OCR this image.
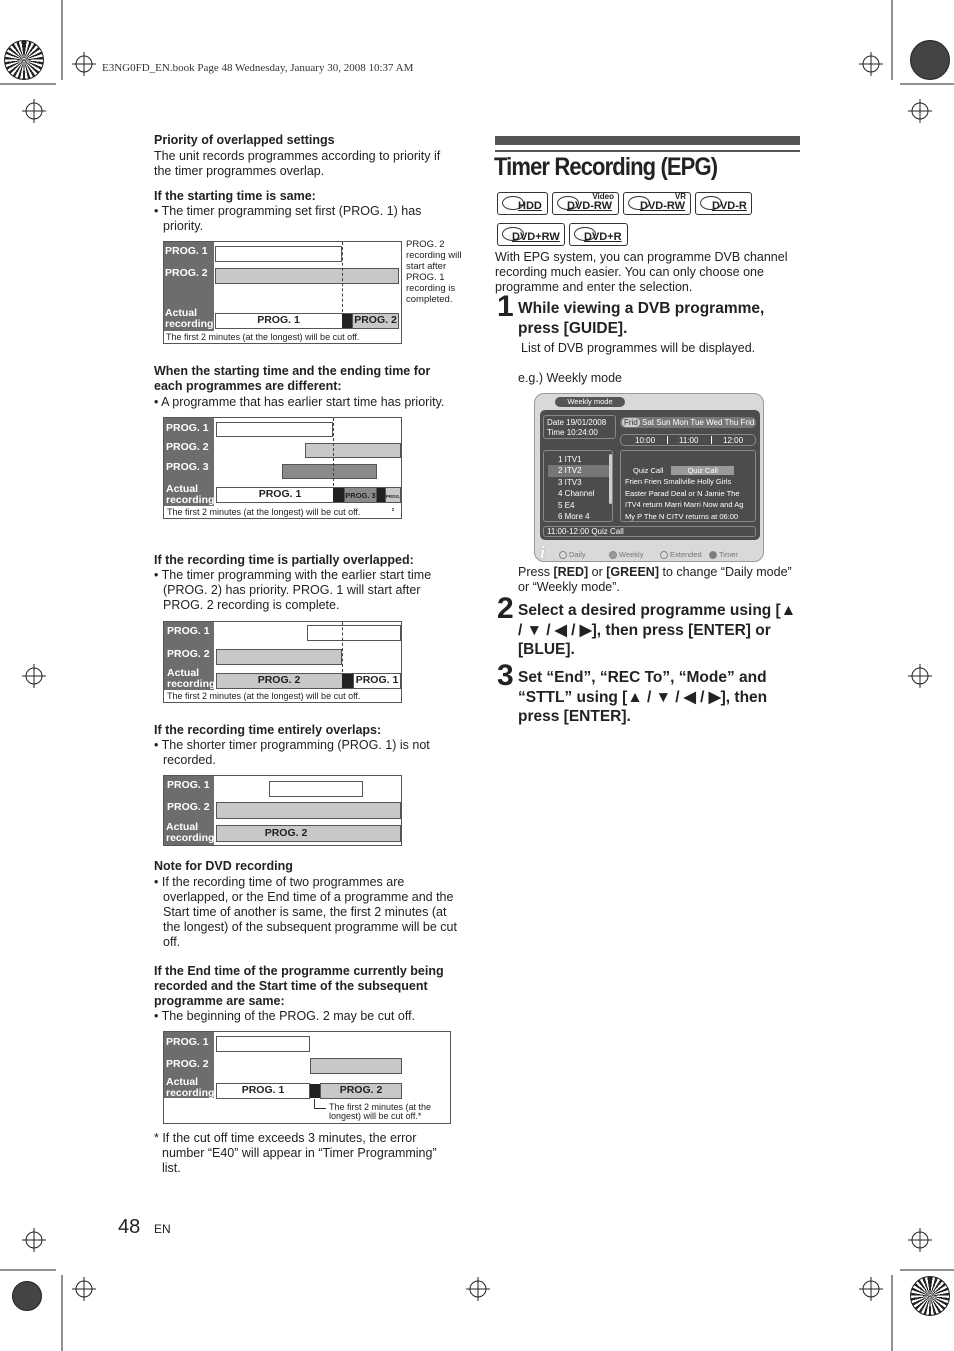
E3NG0FD_EN.book Page 48 Wednesday, January 30, 2008 10:37 AM
Priority of overlapped settings
The unit records programmes according to priority if the timer programmes overlap.
If the starting time is same:
• The timer programming set first (PROG. 1) has priority.
PROG. 1
PROG. 2
Actual recording	PROG. 1	PROG. 2
The first 2 minutes (at the longest) will be cut off.
PROG. 2 recording will start after PROG. 1 recording is completed.
When the starting time and the ending time for each programmes are different:
• A programme that has earlier start time has priority.
PROG. 1
PROG. 2
PROG. 3
Actual recording	PROG. 1	PROG. 3 PROG. 2
The first 2 minutes (at the longest) will be cut off.
If the recording time is partially overlapped:
• The timer programming with the earlier start time (PROG. 2) has priority. PROG. 1 will start after PROG. 2 recording is complete.
PROG. 1
PROG. 2
Actual recording	PROG. 2	PROG. 1
The first 2 minutes (at the longest) will be cut off.
If the recording time entirely overlaps:
• The shorter timer programming (PROG. 1) is not recorded.
PROG. 1
PROG. 2
Actual recording	PROG. 2
Note for DVD recording
• If the recording time of two programmes are overlapped, or the End time of a programme and the Start time of another is same, the first 2 minutes (at the longest) of the subsequent programme will be cut off.
If the End time of the programme currently being recorded and the Start time of the subsequent programme are same:
• The beginning of the PROG. 2 may be cut off.
PROG. 1
PROG. 2
Actual recording	PROG. 1	PROG. 2
The first 2 minutes (at the longest) will be cut off.*
* If the cut off time exceeds 3 minutes, the error number “E40” will appear in “Timer Programming” list.
Timer Recording (EPG)
HDD
Video
DVD-RW
VR
DVD-RW DVD-R
DVD+RW DVD+R
With EPG system, you can programme DVB channel recording much easier. You can only choose one programme and enter the selection.
1 While viewing a DVB programme, press [GUIDE].
List of DVB programmes will be displayed.
e.g.) Weekly mode
Weekly mode
Date 19/01/2008
Time 10:24:00
Frid Sat Sun Mon Tue Wed Thu Frid
10:00	11:00	12:00
1 ITV1
2 ITV2
3 ITV3
4 Channel
5 E4
6 More 4
Quiz Call	Quiz Call
Frien Frien Smallville Holly Girls
Easter Parad Deal or N Jamie The
ITV4 return Marri Marri Now and Ag
My P The N CITV returns at 06:00
11:00-12:00 Quiz Call
i	Daily	Weekly	Extended Timer
Press [RED] or [GREEN] to change “Daily mode” or “Weekly mode”.
2 Select a desired programme using [▲ / ▼ / ◀ / ▶], then press [ENTER] or [BLUE].
3 Set “End”, “REC To”, “Mode” and “STTL” using [▲ / ▼ / ◀ / ▶], then press [ENTER].
48 EN
